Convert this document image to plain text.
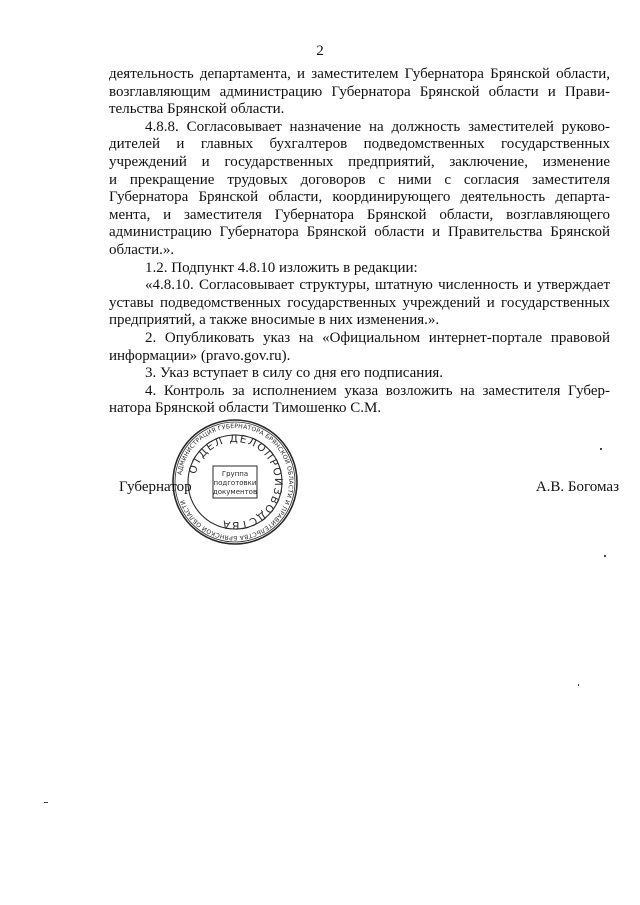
2
деятельность департамента, и заместителем Губернатора Брянской области,
возглавляющим администрацию Губернатора Брянской области и Прави-
тельства Брянской области.
4.8.8. Согласовывает назначение на должность заместителей руково-
дителей и главных бухгалтеров подведомственных государственных
учреждений и государственных предприятий, заключение, изменение
и прекращение трудовых договоров с ними с согласия заместителя
Губернатора Брянской области, координирующего деятельность департа-
мента, и заместителя Губернатора Брянской области, возглавляющего
администрацию Губернатора Брянской области и Правительства Брянской
области.».
1.2. Подпункт 4.8.10 изложить в редакции:
«4.8.10. Согласовывает структуры, штатную численность и утверждает
уставы подведомственных государственных учреждений и государственных
предприятий, а также вносимые в них изменения.».
2. Опубликовать указ на «Официальном интернет-портале правовой
информации» (pravo.gov.ru).
3. Указ вступает в силу со дня его подписания.
4. Контроль за исполнением указа возложить на заместителя Губер-
натора Брянской области Тимошенко С.М.
АДМИНИСТРАЦИЯ ГУБЕРНАТОРА БРЯНСКОЙ ОБЛАСТИ И ПРАВИТЕЛЬСТВА БРЯНСКОЙ ОБЛАСТИ
ОТДЕЛ ДЕЛОПРОИЗВОДСТВА
Группа
подготовки
документов
Губернатор	А.В. Богомаз
